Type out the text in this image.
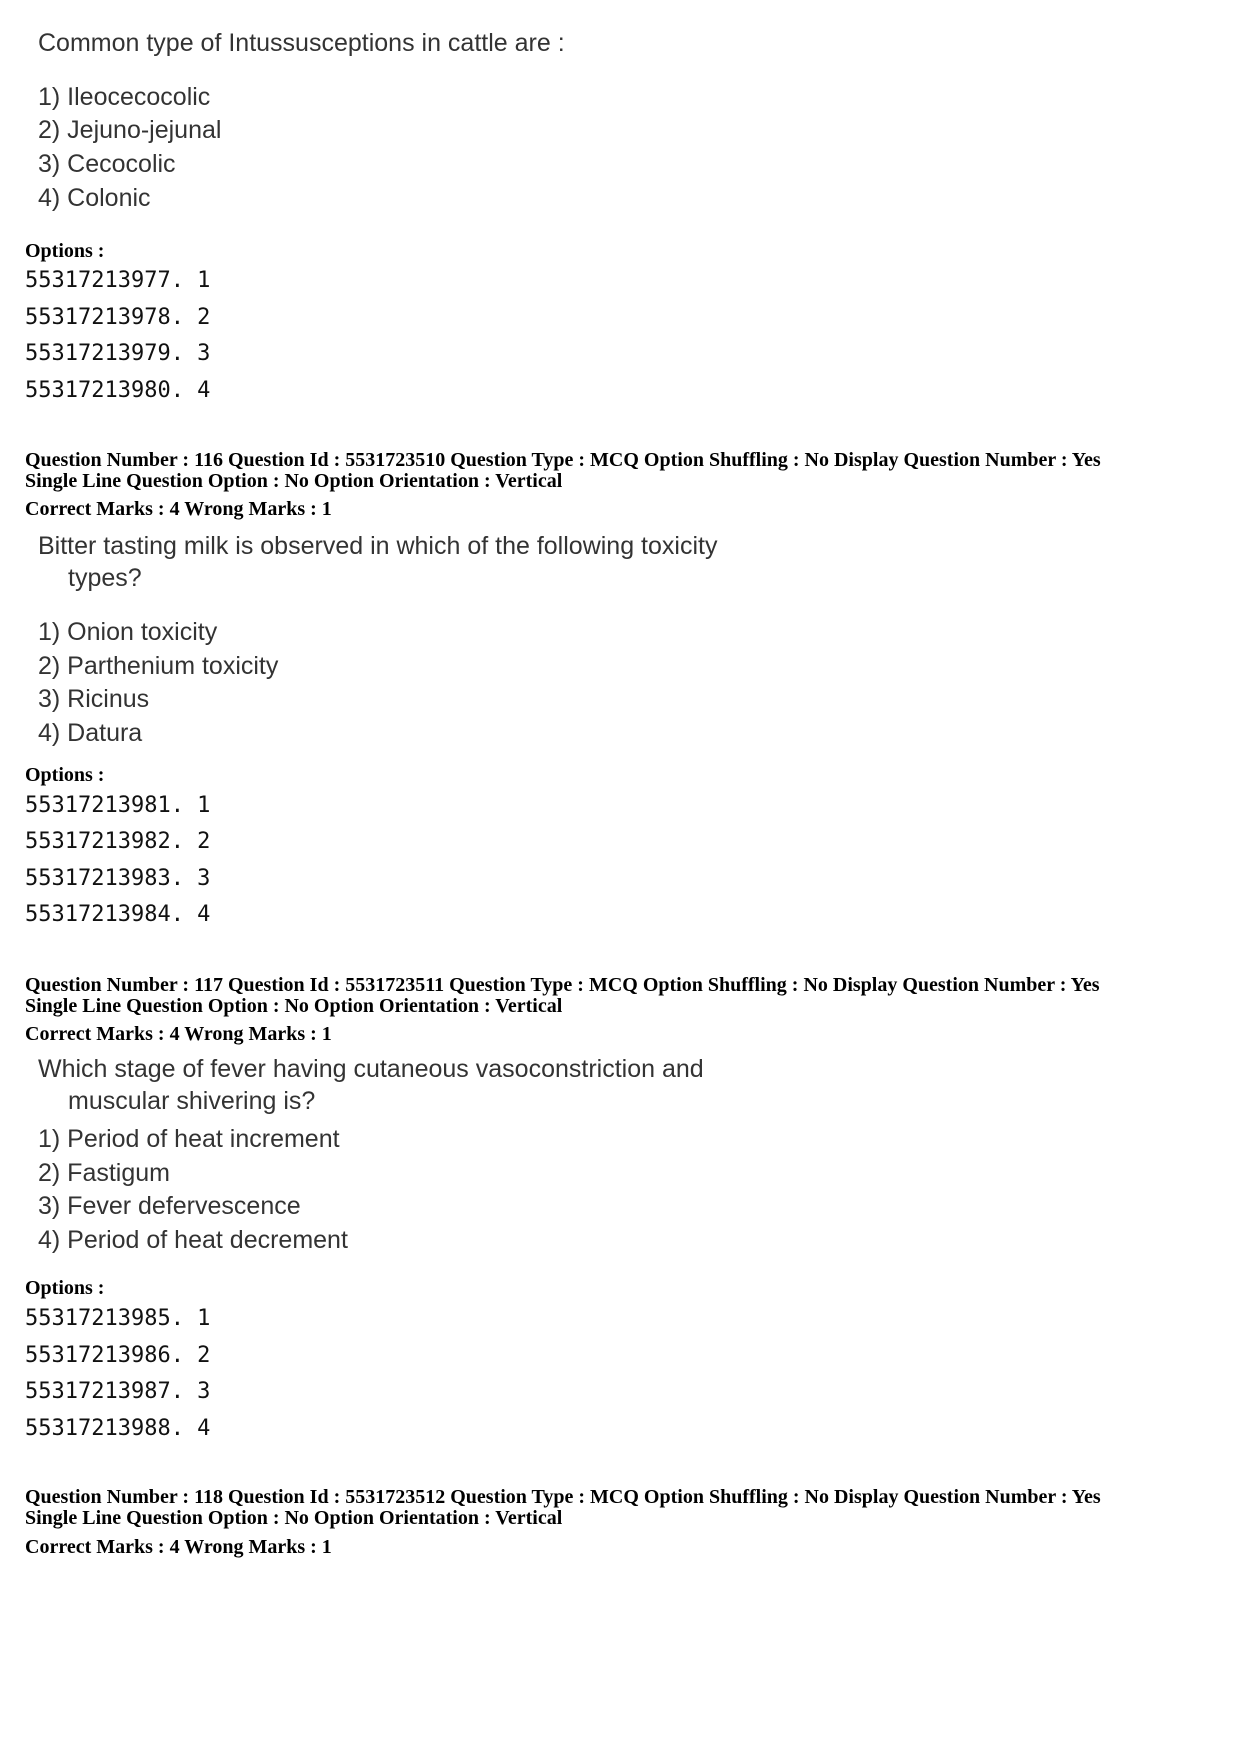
Common type of Intussusceptions in cattle are :
1) Ileocecocolic
2) Jejuno-jejunal
3) Cecocolic
4) Colonic
Options :
55317213977. 1
55317213978. 2
55317213979. 3
55317213980. 4
Question Number : 116 Question Id : 5531723510 Question Type : MCQ Option Shuffling : No Display Question Number : Yes
Single Line Question Option : No Option Orientation : Vertical
Correct Marks : 4 Wrong Marks : 1
Bitter tasting milk is observed in which of the following toxicity
types?
1) Onion toxicity
2) Parthenium toxicity
3) Ricinus
4) Datura
Options :
55317213981. 1
55317213982. 2
55317213983. 3
55317213984. 4
Question Number : 117 Question Id : 5531723511 Question Type : MCQ Option Shuffling : No Display Question Number : Yes
Single Line Question Option : No Option Orientation : Vertical
Correct Marks : 4 Wrong Marks : 1
Which stage of fever having cutaneous vasoconstriction and
muscular shivering is?
1) Period of heat increment
2) Fastigum
3) Fever defervescence
4) Period of heat decrement
Options :
55317213985. 1
55317213986. 2
55317213987. 3
55317213988. 4
Question Number : 118 Question Id : 5531723512 Question Type : MCQ Option Shuffling : No Display Question Number : Yes
Single Line Question Option : No Option Orientation : Vertical
Correct Marks : 4 Wrong Marks : 1
